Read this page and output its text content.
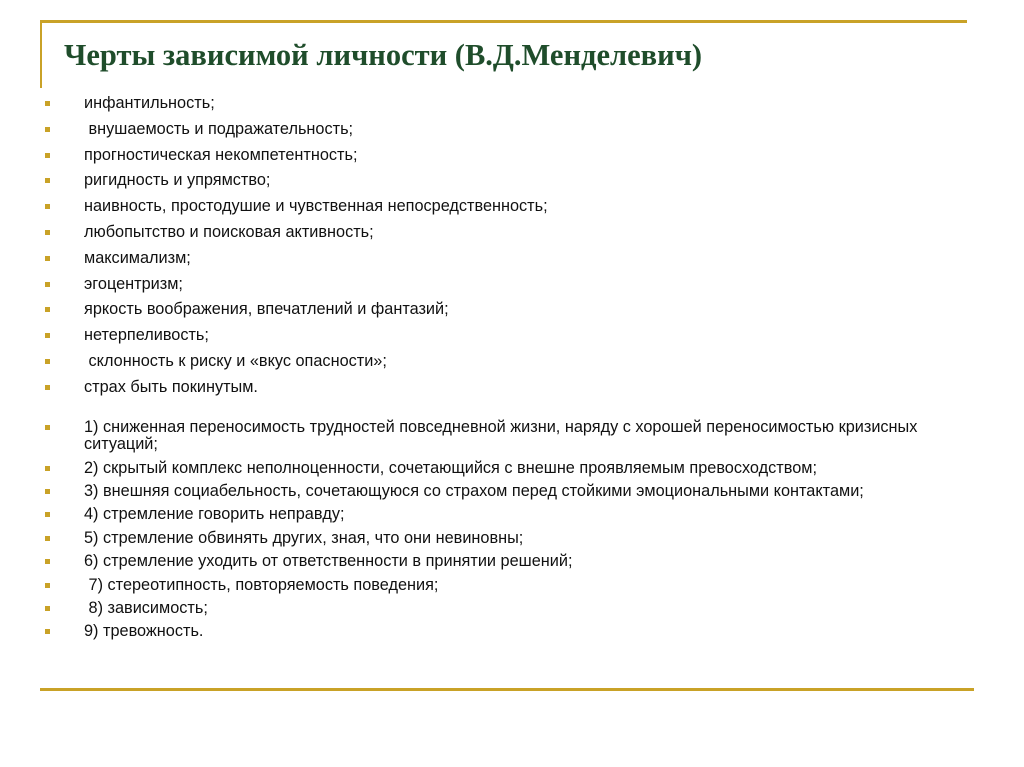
Черты зависимой личности (В.Д.Менделевич)
инфантильность;
внушаемость и подражательность;
прогностическая некомпетентность;
ригидность и упрямство;
наивность, простодушие и чувственная непосредственность;
любопытство и поисковая активность;
максимализм;
эгоцентризм;
яркость воображения, впечатлений и фантазий;
нетерпеливость;
склонность к риску и «вкус опасности»;
страх быть покинутым.
1) сниженная переносимость трудностей повседневной жизни, наряду с хорошей переносимостью кризисных ситуаций;
2) скрытый комплекс неполноценности, сочетающийся с внешне проявляемым превосходством;
3) внешняя социабельность, сочетающуюся со страхом перед стойкими эмоциональными контактами;
4) стремление говорить неправду;
5) стремление обвинять других, зная, что они невиновны;
6) стремление уходить от ответственности в принятии решений;
7) стереотипность, повторяемость поведения;
8) зависимость;
9) тревожность.
